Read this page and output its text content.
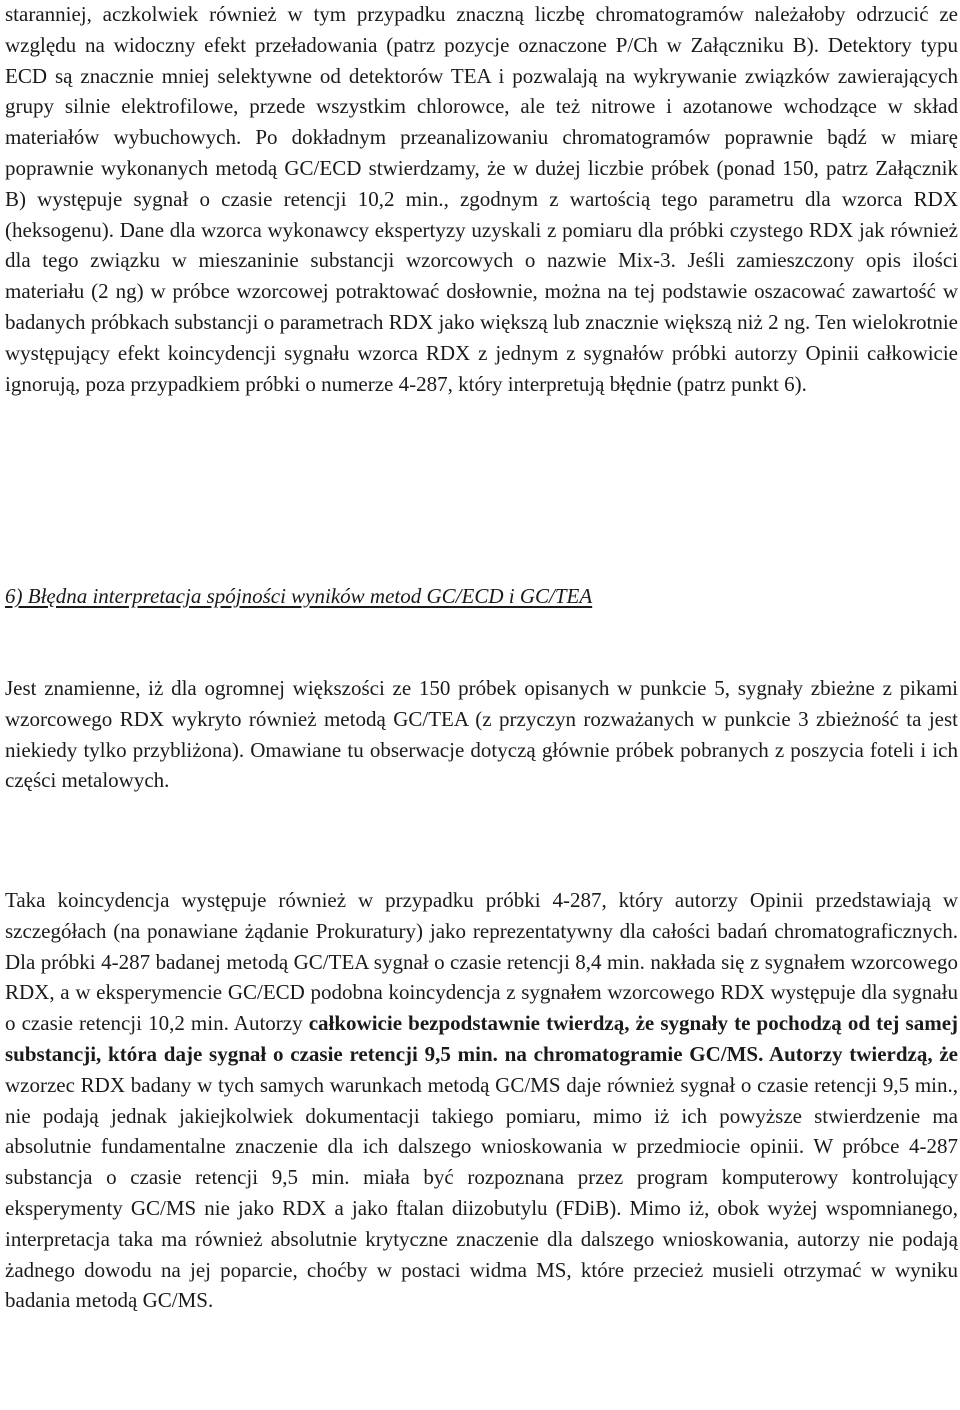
staranniej, aczkolwiek również w tym przypadku znaczną liczbę chromatogramów należałoby odrzucić ze względu na widoczny efekt przeładowania (patrz pozycje oznaczone P/Ch w Załączniku B). Detektory typu ECD są znacznie mniej selektywne od detektorów TEA i pozwalają na wykrywanie związków zawierających grupy silnie elektrofilowe, przede wszystkim chlorowce, ale też nitrowe i azotanowe wchodzące w skład materiałów wybuchowych. Po dokładnym przeanalizowaniu chromatogramów poprawnie bądź w miarę poprawnie wykonanych metodą GC/ECD stwierdzamy, że w dużej liczbie próbek (ponad 150, patrz Załącznik B) występuje sygnał o czasie retencji 10,2 min., zgodnym z wartością tego parametru dla wzorca RDX (heksogenu). Dane dla wzorca wykonawcy ekspertyzy uzyskali z pomiaru dla próbki czystego RDX jak również dla tego związku w mieszaninie substancji wzorcowych o nazwie Mix-3. Jeśli zamieszczony opis ilości materiału (2 ng) w próbce wzorcowej potraktować dosłownie, można na tej podstawie oszacować zawartość w badanych próbkach substancji o parametrach RDX jako większą lub znacznie większą niż 2 ng. Ten wielokrotnie występujący efekt koincydencji sygnału wzorca RDX z jednym z sygnałów próbki autorzy Opinii całkowicie ignorują, poza przypadkiem próbki o numerze 4-287, który interpretują błędnie (patrz punkt 6).

6) Błędna interpretacja spójności wyników metod GC/ECD i GC/TEA

Jest znamienne, iż dla ogromnej większości ze 150 próbek opisanych w punkcie 5, sygnały zbieżne z pikami wzorcowego RDX wykryto również metodą GC/TEA (z przyczyn rozważanych w punkcie 3 zbieżność ta jest niekiedy tylko przybliżona). Omawiane tu obserwacje dotyczą głównie próbek pobranych z poszycia foteli i ich części metalowych.

Taka koincydencja występuje również w przypadku próbki 4-287, który autorzy Opinii przedstawiają w szczegółach (na ponawiane żądanie Prokuratury) jako reprezentatywny dla całości badań chromatograficznych. Dla próbki 4-287 badanej metodą GC/TEA sygnał o czasie retencji 8,4 min. nakłada się z sygnałem wzorcowego RDX, a w eksperymencie GC/ECD podobna koincydencja z sygnałem wzorcowego RDX występuje dla sygnału o czasie retencji 10,2 min. Autorzy całkowicie bezpodstawnie twierdzą, że sygnały te pochodzą od tej samej substancji, która daje sygnał o czasie retencji 9,5 min. na chromatogramie GC/MS. Autorzy twierdzą, że wzorzec RDX badany w tych samych warunkach metodą GC/MS daje również sygnał o czasie retencji 9,5 min., nie podają jednak jakiejkolwiek dokumentacji takiego pomiaru, mimo iż ich powyższe stwierdzenie ma absolutnie fundamentalne znaczenie dla ich dalszego wnioskowania w przedmiocie opinii. W próbce 4-287 substancja o czasie retencji 9,5 min. miała być rozpoznana przez program komputerowy kontrolujący eksperymenty GC/MS nie jako RDX a jako ftalan diizobutylu (FDiB). Mimo iż, obok wyżej wspomnianego, interpretacja taka ma również absolutnie krytyczne znaczenie dla dalszego wnioskowania, autorzy nie podają żadnego dowodu na jej poparcie, choćby w postaci widma MS, które przecież musieli otrzymać w wyniku badania metodą GC/MS.
